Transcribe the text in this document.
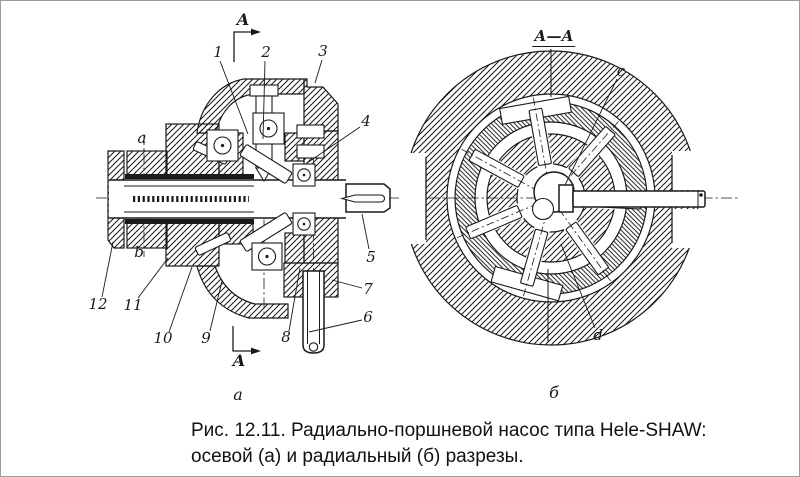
1	2	3
4
5
7
6
8
9
10
11
12
a
b
А
А
а
c
d
А—А
б
Рис. 12.11. Радиально-поршневой насос типа Hele-SHAW:
осевой (а) и радиальный (б) разрезы.
